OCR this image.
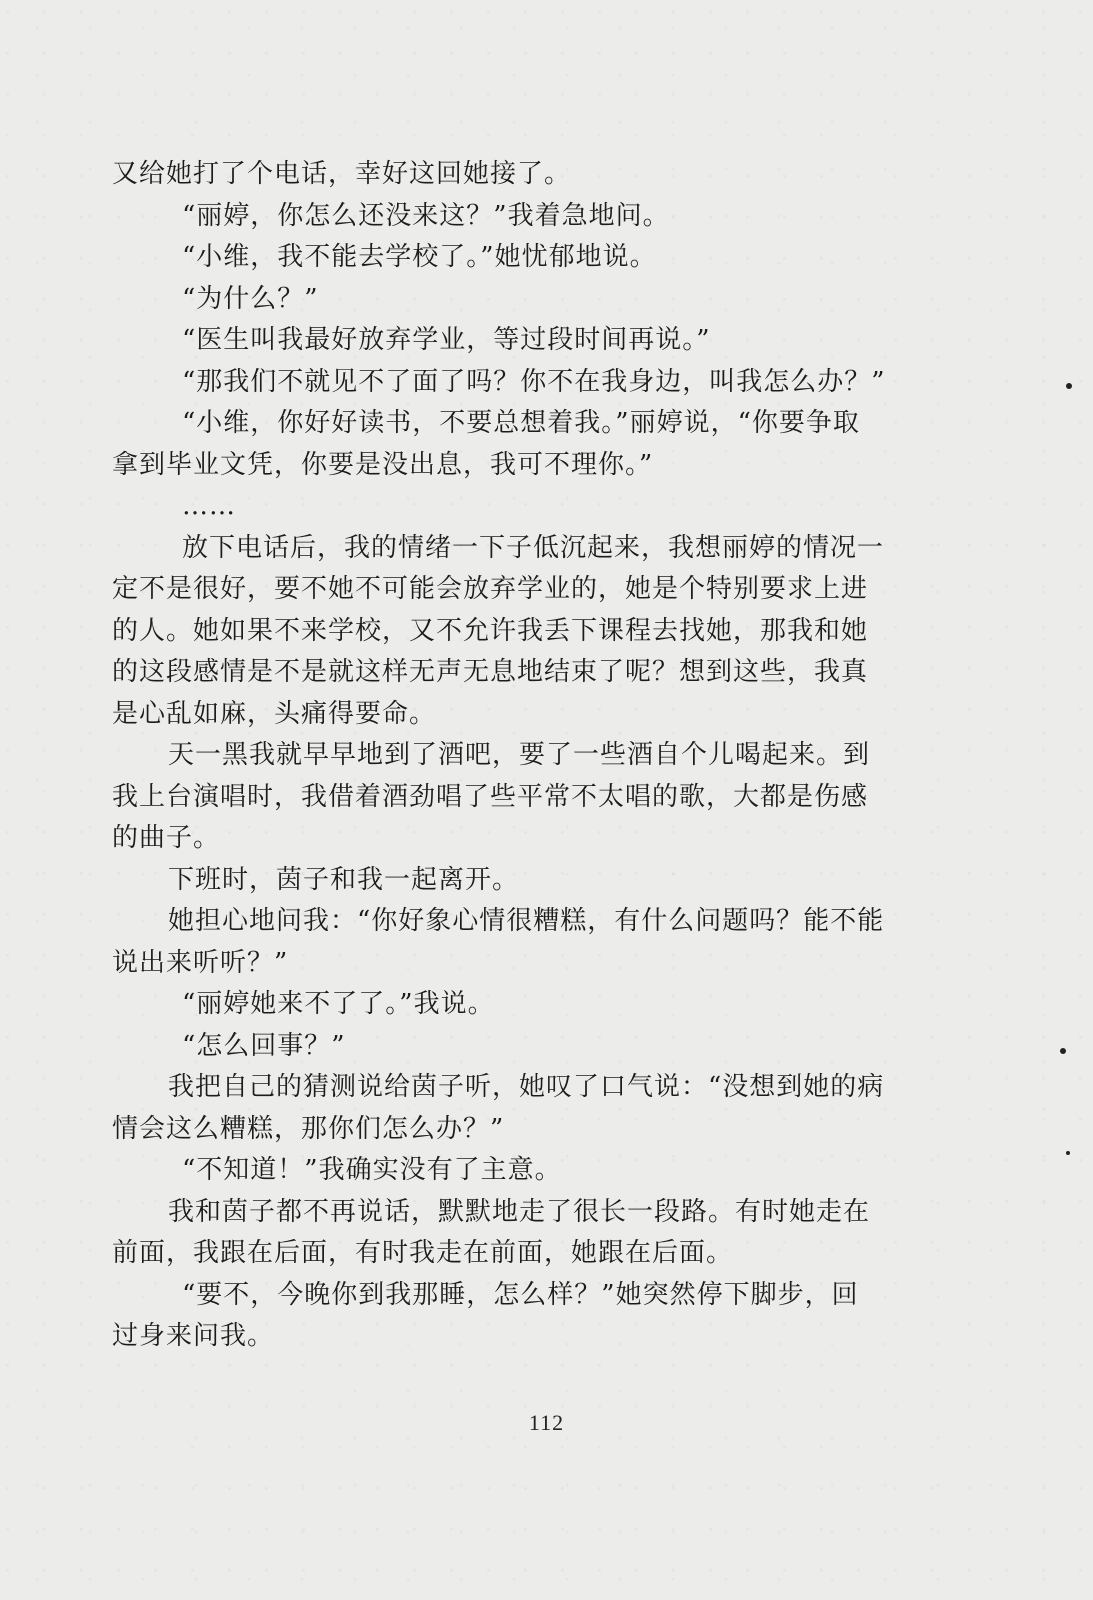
又给她打了个电话，幸好这回她接了。
“丽婷，你怎么还没来这？”我着急地问。
“小维，我不能去学校了。”她忧郁地说。
“为什么？”
“医生叫我最好放弃学业，等过段时间再说。”
“那我们不就见不了面了吗？你不在我身边，叫我怎么办？”
“小维，你好好读书，不要总想着我。”丽婷说，“你要争取
拿到毕业文凭，你要是没出息，我可不理你。”
……
放下电话后，我的情绪一下子低沉起来，我想丽婷的情况一
定不是很好，要不她不可能会放弃学业的，她是个特别要求上进
的人。她如果不来学校，又不允许我丢下课程去找她，那我和她
的这段感情是不是就这样无声无息地结束了呢？想到这些，我真
是心乱如麻，头痛得要命。
天一黑我就早早地到了酒吧，要了一些酒自个儿喝起来。到
我上台演唱时，我借着酒劲唱了些平常不太唱的歌，大都是伤感
的曲子。
下班时，茵子和我一起离开。
她担心地问我：“你好象心情很糟糕，有什么问题吗？能不能
说出来听听？”
“丽婷她来不了了。”我说。
“怎么回事？”
我把自己的猜测说给茵子听，她叹了口气说：“没想到她的病
情会这么糟糕，那你们怎么办？”
“不知道！”我确实没有了主意。
我和茵子都不再说话，默默地走了很长一段路。有时她走在
前面，我跟在后面，有时我走在前面，她跟在后面。
“要不，今晚你到我那睡，怎么样？”她突然停下脚步，回
过身来问我。
112
